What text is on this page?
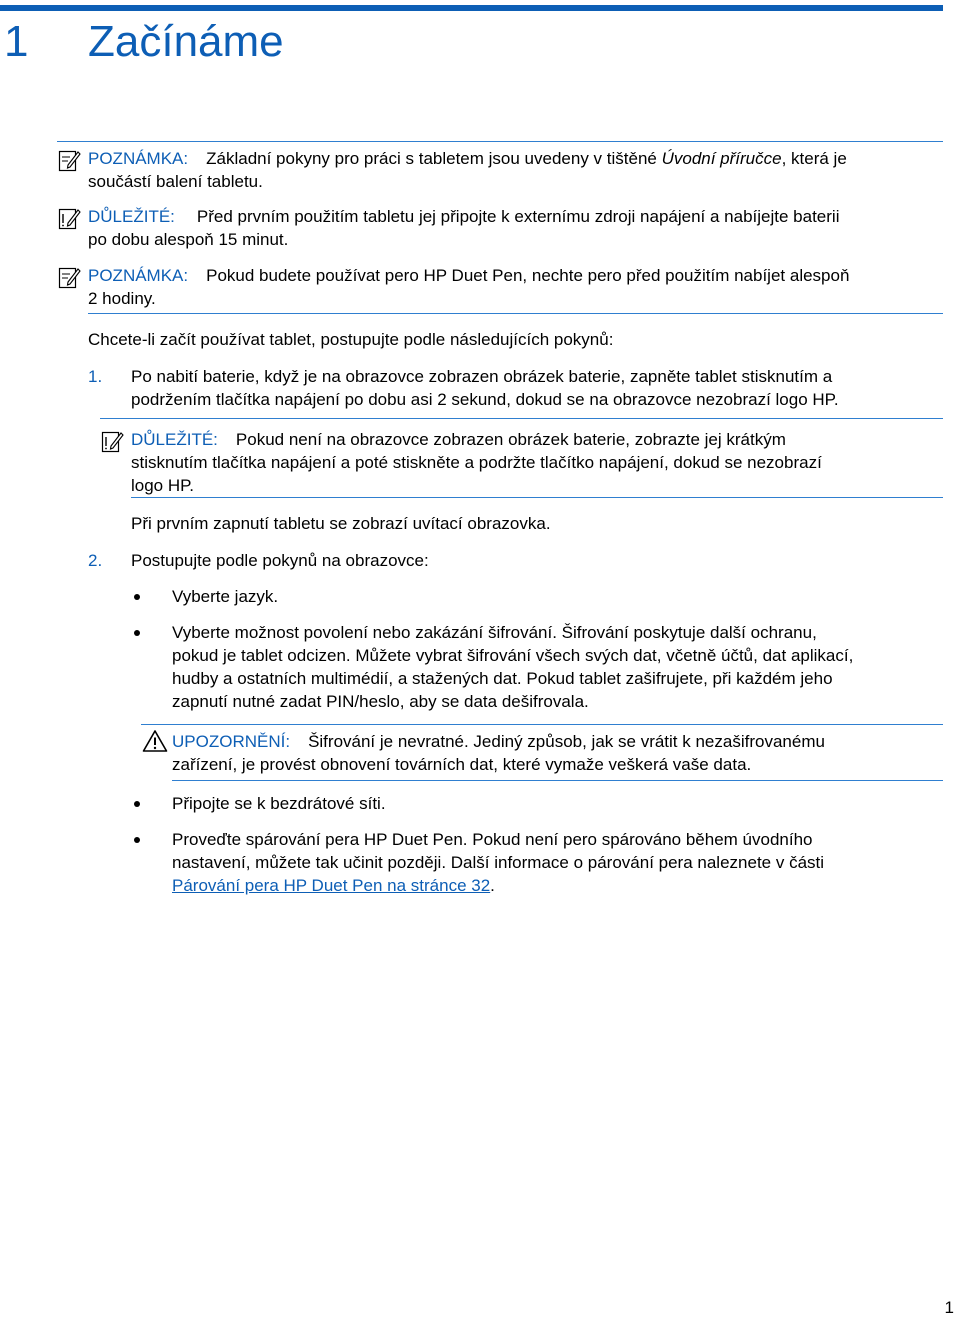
1 Začínáme
POZNÁMKA: Základní pokyny pro práci s tabletem jsou uvedeny v tištěné Úvodní příručce, která je
součástí balení tabletu.
DŮLEŽITÉ: Před prvním použitím tabletu jej připojte k externímu zdroji napájení a nabíjejte baterii
po dobu alespoň 15 minut.
POZNÁMKA: Pokud budete používat pero HP Duet Pen, nechte pero před použitím nabíjet alespoň
2 hodiny.
Chcete-li začít používat tablet, postupujte podle následujících pokynů:
1. Po nabití baterie, když je na obrazovce zobrazen obrázek baterie, zapněte tablet stisknutím a
podržením tlačítka napájení po dobu asi 2 sekund, dokud se na obrazovce nezobrazí logo HP.
DŮLEŽITÉ: Pokud není na obrazovce zobrazen obrázek baterie, zobrazte jej krátkým
stisknutím tlačítka napájení a poté stiskněte a podržte tlačítko napájení, dokud se nezobrazí
logo HP.
Při prvním zapnutí tabletu se zobrazí uvítací obrazovka.
2. Postupujte podle pokynů na obrazovce:
Vyberte jazyk.
Vyberte možnost povolení nebo zakázání šifrování. Šifrování poskytuje další ochranu,
pokud je tablet odcizen. Můžete vybrat šifrování všech svých dat, včetně účtů, dat aplikací,
hudby a ostatních multimédií, a stažených dat. Pokud tablet zašifrujete, při každém jeho
zapnutí nutné zadat PIN/heslo, aby se data dešifrovala.
UPOZORNĚNÍ: Šifrování je nevratné. Jediný způsob, jak se vrátit k nezašifrovanému
zařízení, je provést obnovení továrních dat, které vymaže veškerá vaše data.
Připojte se k bezdrátové síti.
Proveďte spárování pera HP Duet Pen. Pokud není pero spárováno během úvodního
nastavení, můžete tak učinit později. Další informace o párování pera naleznete v části
Párování pera HP Duet Pen na stránce 32.
1
